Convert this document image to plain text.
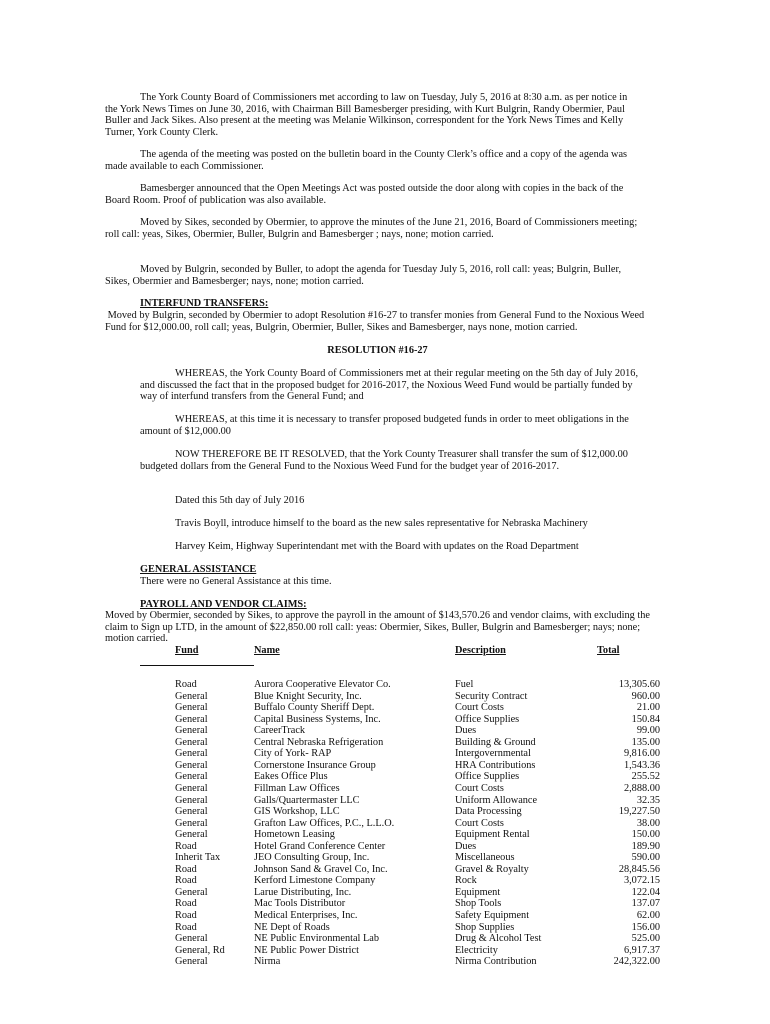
The York County Board of Commissioners met according to law on Tuesday, July 5, 2016 at 8:30 a.m. as per notice in the York News Times on June 30, 2016, with Chairman Bill Bamesberger presiding, with Kurt Bulgrin, Randy Obermier, Paul Buller and Jack Sikes. Also present at the meeting was Melanie Wilkinson, correspondent for the York News Times and Kelly Turner, York County Clerk.

The agenda of the meeting was posted on the bulletin board in the County Clerk’s office and a copy of the agenda was made available to each Commissioner.

Bamesberger announced that the Open Meetings Act was posted outside the door along with copies in the back of the Board Room. Proof of publication was also available.

Moved by Sikes, seconded by Obermier, to approve the minutes of the June 21, 2016, Board of Commissioners meeting; roll call: yeas, Sikes, Obermier, Buller, Bulgrin and Bamesberger ; nays, none; motion carried.

Moved by Bulgrin, seconded by Buller, to adopt the agenda for Tuesday July 5, 2016, roll call: yeas; Bulgrin, Buller, Sikes, Obermier and Bamesberger; nays, none; motion carried.

INTERFUND TRANSFERS:

Moved by Bulgrin, seconded by Obermier to adopt Resolution #16-27 to transfer monies from General Fund to the Noxious Weed Fund for $12,000.00, roll call; yeas, Bulgrin, Obermier, Buller, Sikes and Bamesberger, nays none, motion carried.

RESOLUTION #16-27

WHEREAS, the York County Board of Commissioners met at their regular meeting on the 5th day of July 2016, and discussed the fact that in the proposed budget for 2016-2017, the Noxious Weed Fund would be partially funded by way of interfund transfers from the General Fund; and

WHEREAS, at this time it is necessary to transfer proposed budgeted funds in order to meet obligations in the amount of $12,000.00

NOW THEREFORE BE IT RESOLVED, that the York County Treasurer shall transfer the sum of $12,000.00 budgeted dollars from the General Fund to the Noxious Weed Fund for the budget year of 2016-2017.

Dated this 5th day of July 2016

Travis Boyll, introduce himself to the board as the new sales representative for Nebraska Machinery

Harvey Keim, Highway Superintendant met with the Board with updates on the Road Department

GENERAL ASSISTANCE

There were no General Assistance at this time.

PAYROLL AND VENDOR CLAIMS:

Moved by Obermier, seconded by Sikes, to approve the payroll in the amount of $143,570.26 and vendor claims, with excluding the claim to Sign up LTD, in the amount of $22,850.00 roll call: yeas: Obermier, Sikes, Buller, Bulgrin and Bamesberger; nays; none; motion carried.

Fund	Name	Description	Total
Road	Aurora Cooperative Elevator Co.	Fuel	13,305.60
General	Blue Knight Security, Inc.	Security Contract	960.00
General	Buffalo County Sheriff Dept.	Court Costs	21.00
General	Capital Business Systems, Inc.	Office Supplies	150.84
General	CareerTrack	Dues	99.00
General	Central Nebraska Refrigeration	Building & Ground	135.00
General	City of York- RAP	Intergovernmental	9,816.00
General	Cornerstone Insurance Group	HRA Contributions	1,543.36
General	Eakes Office Plus	Office Supplies	255.52
General	Fillman Law Offices	Court Costs	2,888.00
General	Galls/Quartermaster LLC	Uniform Allowance	32.35
General	GIS Workshop, LLC	Data Processing	19,227.50
General	Grafton Law Offices, P.C., L.L.O.	Court Costs	38.00
General	Hometown Leasing	Equipment Rental	150.00
Road	Hotel Grand Conference Center	Dues	189.90
Inherit Tax	JEO Consulting Group, Inc.	Miscellaneous	590.00
Road	Johnson Sand & Gravel Co, Inc.	Gravel & Royalty	28,845.56
Road	Kerford Limestone Company	Rock	3,072.15
General	Larue Distributing, Inc.	Equipment	122.04
Road	Mac Tools Distributor	Shop Tools	137.07
Road	Medical Enterprises, Inc.	Safety Equipment	62.00
Road	NE Dept of Roads	Shop Supplies	156.00
General	NE Public Environmental Lab	Drug & Alcohol Test	525.00
General, Rd	NE Public Power District	Electricity	6,917.37
General	Nirma	Nirma Contribution	242,322.00
